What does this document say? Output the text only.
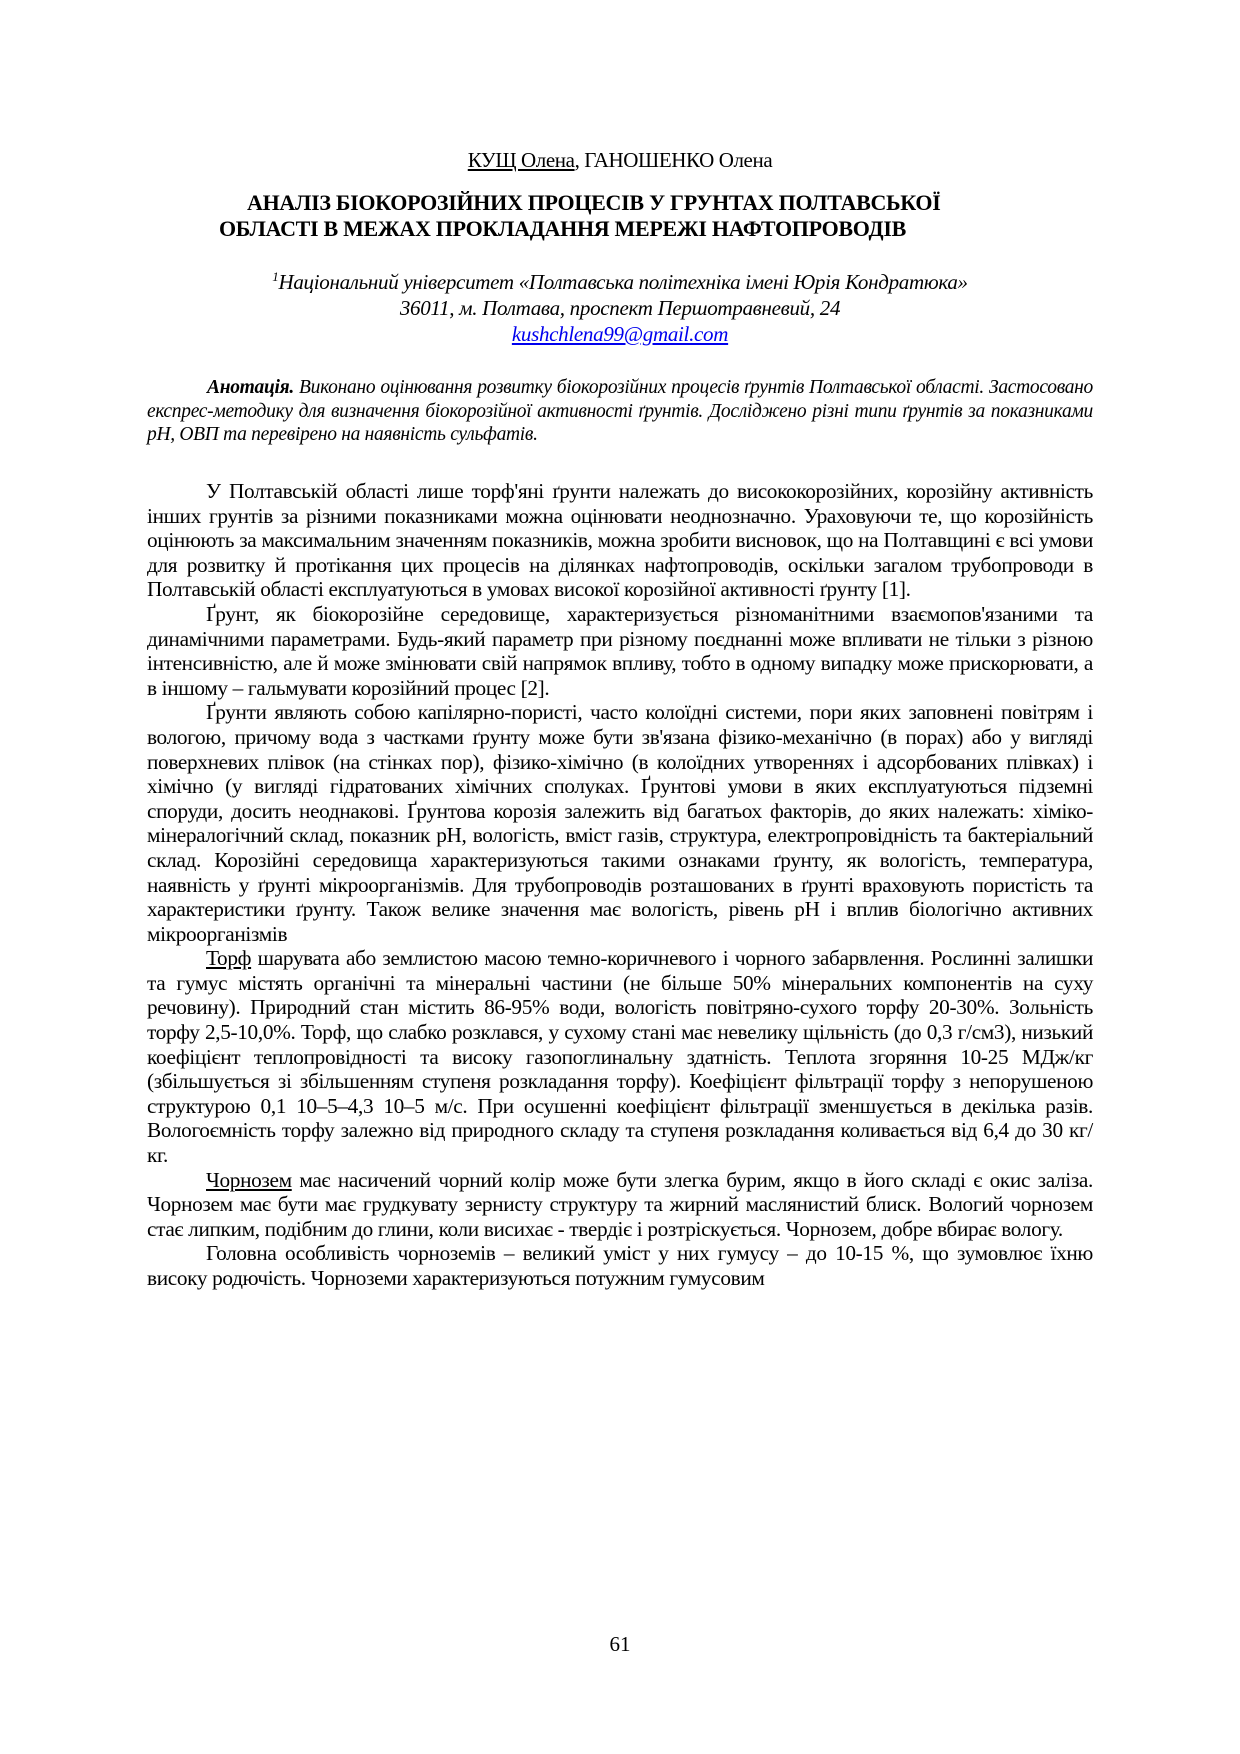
КУЩ Олена, ГАНОШЕНКО Олена
АНАЛІЗ БІОКОРОЗІЙНИХ ПРОЦЕСІВ У ГРУНТАХ ПОЛТАВСЬКОЇ
ОБЛАСТІ В МЕЖАХ ПРОКЛАДАННЯ МЕРЕЖІ НАФТОПРОВОДІВ
$^1$Національний університет «Полтавська політехніка імені Юрія Кондратюка»
36011, м. Полтава, проспект Першотравневий, 24
kushchlena99@gmail.com
Анотація. Виконано оцінювання розвитку біокорозійних процесів ґрунтів Полтавської області. Застосовано експрес-методику для визначення біокорозійної активності ґрунтів. Досліджено різні типи ґрунтів за показниками рН, ОВП та перевірено на наявність сульфатів.

У Полтавській області лише торф'яні ґрунти належать до висококорозійних, корозійну активність інших грунтів за різними показниками можна оцінювати неоднозначно. Ураховуючи те, що корозійність оцінюють за максимальним значенням показників, можна зробити висновок, що на Полтавщині є всі умови для розвитку й протікання цих процесів на ділянках нафтопроводів, оскільки загалом трубопроводи в Полтавській області експлуатуються в умовах високої корозійної активності ґрунту [1].

Ґрунт, як біокорозійне середовище, характеризується різноманітними взаємопов'язаними та динамічними параметрами. Будь-який параметр при різному поєднанні може впливати не тільки з різною інтенсивністю, але й може змінювати свій напрямок впливу, тобто в одному випадку може прискорювати, а в іншому – гальмувати корозійний процес [2].

Ґрунти являють собою капілярно-пористі, часто колоїдні системи, пори яких заповнені повітрям і вологою, причому вода з частками ґрунту може бути зв'язана фізико-механічно (в порах) або у вигляді поверхневих плівок (на стінках пор), фізико-хімічно (в колоїдних утвореннях і адсорбованих плівках) і хімічно (у вигляді гідратованих хімічних сполуках. Ґрунтові умови в яких експлуатуються підземні споруди, досить неоднакові. Ґрунтова корозія залежить від багатьох факторів, до яких належать: хіміко-мінералогічний склад, показник рН, вологість, вміст газів, структура, електропровідність та бактеріальний склад. Корозійні середовища характеризуються такими ознаками ґрунту, як вологість, температура, наявність у ґрунті мікроорганізмів. Для трубопроводів розташованих в ґрунті враховують пористість та характеристики ґрунту. Також велике значення має вологість, рівень рН і вплив біологічно активних мікроорганізмів

Торф шарувата або землистою масою темно-коричневого і чорного забарвлення. Рослинні залишки та гумус містять органічні та мінеральні частини (не більше 50% мінеральних компонентів на суху речовину). Природний стан містить 86-95% води, вологість повітряно-сухого торфу 20-30%. Зольність торфу 2,5-10,0%. Торф, що слабко розклався, у сухому стані має невелику щільність (до 0,3 г/см3), низький коефіцієнт теплопровідності та високу газопоглинальну здатність. Теплота згоряння 10-25 МДж/кг (збільшується зі збільшенням ступеня розкладання торфу). Коефіцієнт фільтрації торфу з непорушеною структурою 0,1 10–5–4,3 10–5 м/с. При осушенні коефіцієнт фільтрації зменшується в декілька разів. Вологоємність торфу залежно від природного складу та ступеня розкладання коливається від 6,4 до 30 кг/кг.

Чорнозем має насичений чорний колір може бути злегка бурим, якщо в його складі є окис заліза. Чорнозем має бути має грудкувату зернисту структуру та жирний маслянистий блиск. Вологий чорнозем стає липким, подібним до глини, коли висихає - твердіє і розтріскується. Чорнозем, добре вбирає вологу.

Головна особливість чорноземів – великий уміст у них гумусу – до 10-15 %, що зумовлює їхню високу родючість. Чорноземи характеризуються потужним гумусовим

61
